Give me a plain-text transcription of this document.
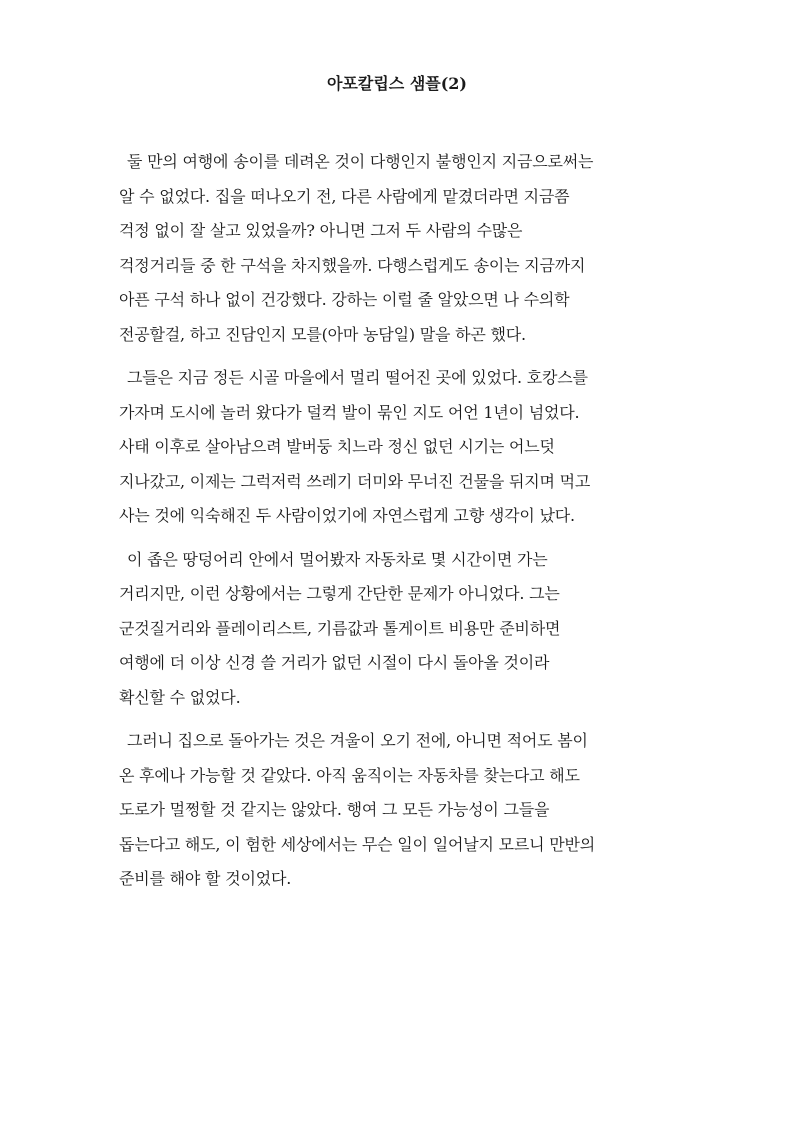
아포칼립스 샘플(2)
둘 만의 여행에 송이를 데려온 것이 다행인지 불행인지 지금으로써는
알 수 없었다. 집을 떠나오기 전, 다른 사람에게 맡겼더라면 지금쯤
걱정 없이 잘 살고 있었을까? 아니면 그저 두 사람의 수많은
걱정거리들 중 한 구석을 차지했을까. 다행스럽게도 송이는 지금까지
아픈 구석 하나 없이 건강했다. 강하는 이럴 줄 알았으면 나 수의학
전공할걸, 하고 진담인지 모를(아마 농담일) 말을 하곤 했다.
그들은 지금 정든 시골 마을에서 멀리 떨어진 곳에 있었다. 호캉스를
가자며 도시에 놀러 왔다가 덜컥 발이 묶인 지도 어언 1년이 넘었다.
사태 이후로 살아남으려 발버둥 치느라 정신 없던 시기는 어느덧
지나갔고, 이제는 그럭저럭 쓰레기 더미와 무너진 건물을 뒤지며 먹고
사는 것에 익숙해진 두 사람이었기에 자연스럽게 고향 생각이 났다.
이 좁은 땅덩어리 안에서 멀어봤자 자동차로 몇 시간이면 가는
거리지만, 이런 상황에서는 그렇게 간단한 문제가 아니었다. 그는
군것질거리와 플레이리스트, 기름값과 톨게이트 비용만 준비하면
여행에 더 이상 신경 쓸 거리가 없던 시절이 다시 돌아올 것이라
확신할 수 없었다.
그러니 집으로 돌아가는 것은 겨울이 오기 전에, 아니면 적어도 봄이
온 후에나 가능할 것 같았다. 아직 움직이는 자동차를 찾는다고 해도
도로가 멀쩡할 것 같지는 않았다. 행여 그 모든 가능성이 그들을
돕는다고 해도, 이 험한 세상에서는 무슨 일이 일어날지 모르니 만반의
준비를 해야 할 것이었다.
